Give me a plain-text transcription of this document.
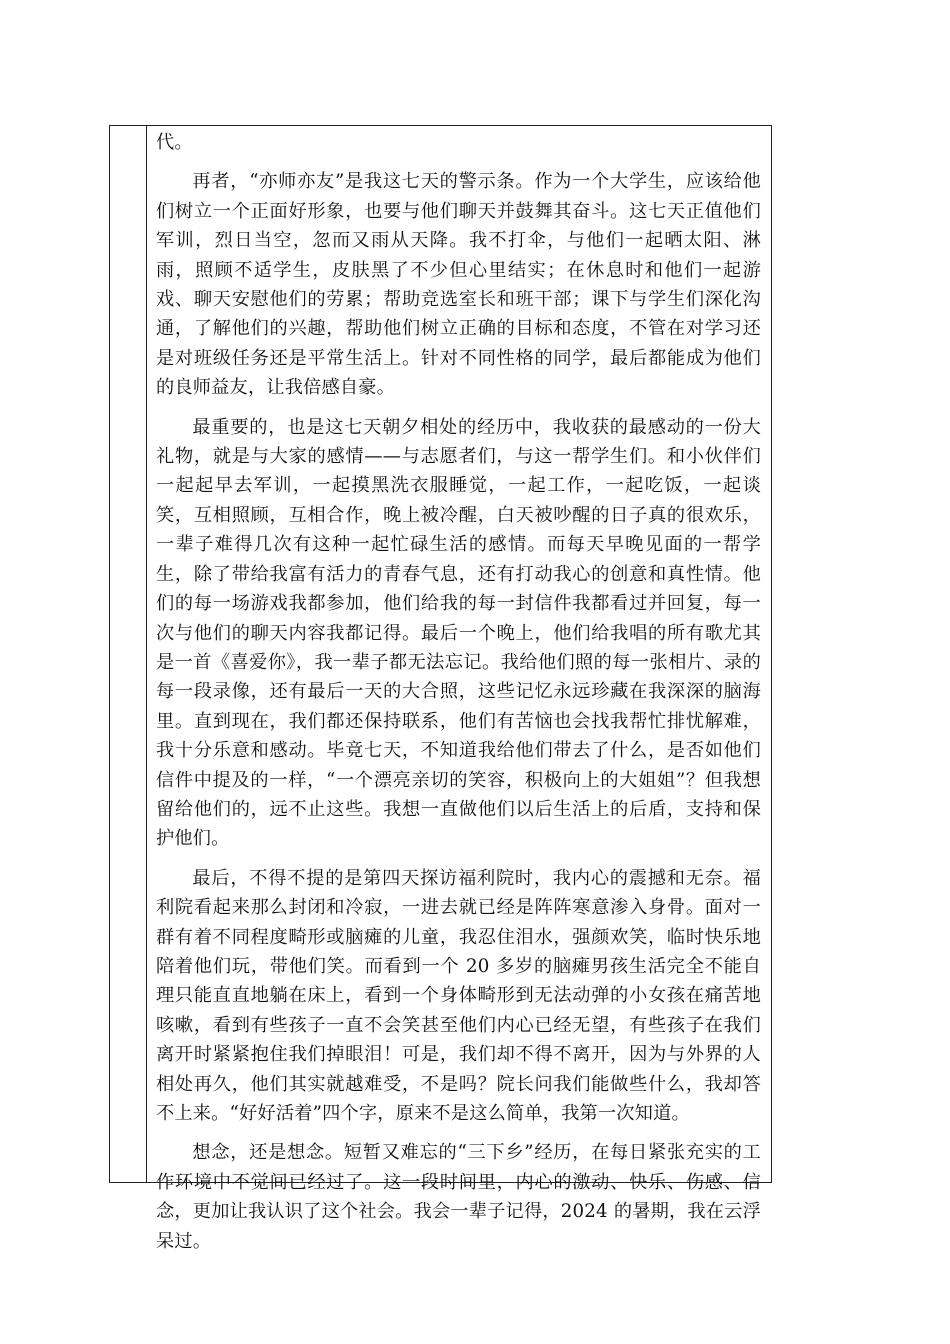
代。

再者，“亦师亦友”是我这七天的警示条。作为一个大学生，应该给他们树立一个正面好形象，也要与他们聊天并鼓舞其奋斗。这七天正值他们军训，烈日当空，忽而又雨从天降。我不打伞，与他们一起晒太阳、淋雨，照顾不适学生，皮肤黑了不少但心里结实；在休息时和他们一起游戏、聊天安慰他们的劳累；帮助竞选室长和班干部；课下与学生们深化沟通，了解他们的兴趣，帮助他们树立正确的目标和态度，不管在对学习还是对班级任务还是平常生活上。针对不同性格的同学，最后都能成为他们的良师益友，让我倍感自豪。

最重要的，也是这七天朝夕相处的经历中，我收获的最感动的一份大礼物，就是与大家的感情——与志愿者们，与这一帮学生们。和小伙伴们一起起早去军训，一起摸黑洗衣服睡觉，一起工作，一起吃饭，一起谈笑，互相照顾，互相合作，晚上被冷醒，白天被吵醒的日子真的很欢乐，一辈子难得几次有这种一起忙碌生活的感情。而每天早晚见面的一帮学生，除了带给我富有活力的青春气息，还有打动我心的创意和真性情。他们的每一场游戏我都参加，他们给我的每一封信件我都看过并回复，每一次与他们的聊天内容我都记得。最后一个晚上，他们给我唱的所有歌尤其是一首《喜爱你》，我一辈子都无法忘记。我给他们照的每一张相片、录的每一段录像，还有最后一天的大合照，这些记忆永远珍藏在我深深的脑海里。直到现在，我们都还保持联系，他们有苦恼也会找我帮忙排忧解难，我十分乐意和感动。毕竟七天，不知道我给他们带去了什么，是否如他们信件中提及的一样，“一个漂亮亲切的笑容，积极向上的大姐姐”？但我想留给他们的，远不止这些。我想一直做他们以后生活上的后盾，支持和保护他们。

最后，不得不提的是第四天探访福利院时，我内心的震撼和无奈。福利院看起来那么封闭和冷寂，一进去就已经是阵阵寒意渗入身骨。面对一群有着不同程度畸形或脑瘫的儿童，我忍住泪水，强颜欢笑，临时快乐地陪着他们玩，带他们笑。而看到一个 20 多岁的脑瘫男孩生活完全不能自理只能直直地躺在床上，看到一个身体畸形到无法动弹的小女孩在痛苦地咳嗽，看到有些孩子一直不会笑甚至他们内心已经无望，有些孩子在我们离开时紧紧抱住我们掉眼泪！可是，我们却不得不离开，因为与外界的人相处再久，他们其实就越难受，不是吗？院长问我们能做些什么，我却答不上来。“好好活着”四个字，原来不是这么简单，我第一次知道。

想念，还是想念。短暂又难忘的“三下乡”经历，在每日紧张充实的工作环境中不觉间已经过了。这一段时间里，内心的激动、快乐、伤感、信念，更加让我认识了这个社会。我会一辈子记得，2024 的暑期，我在云浮呆过。
